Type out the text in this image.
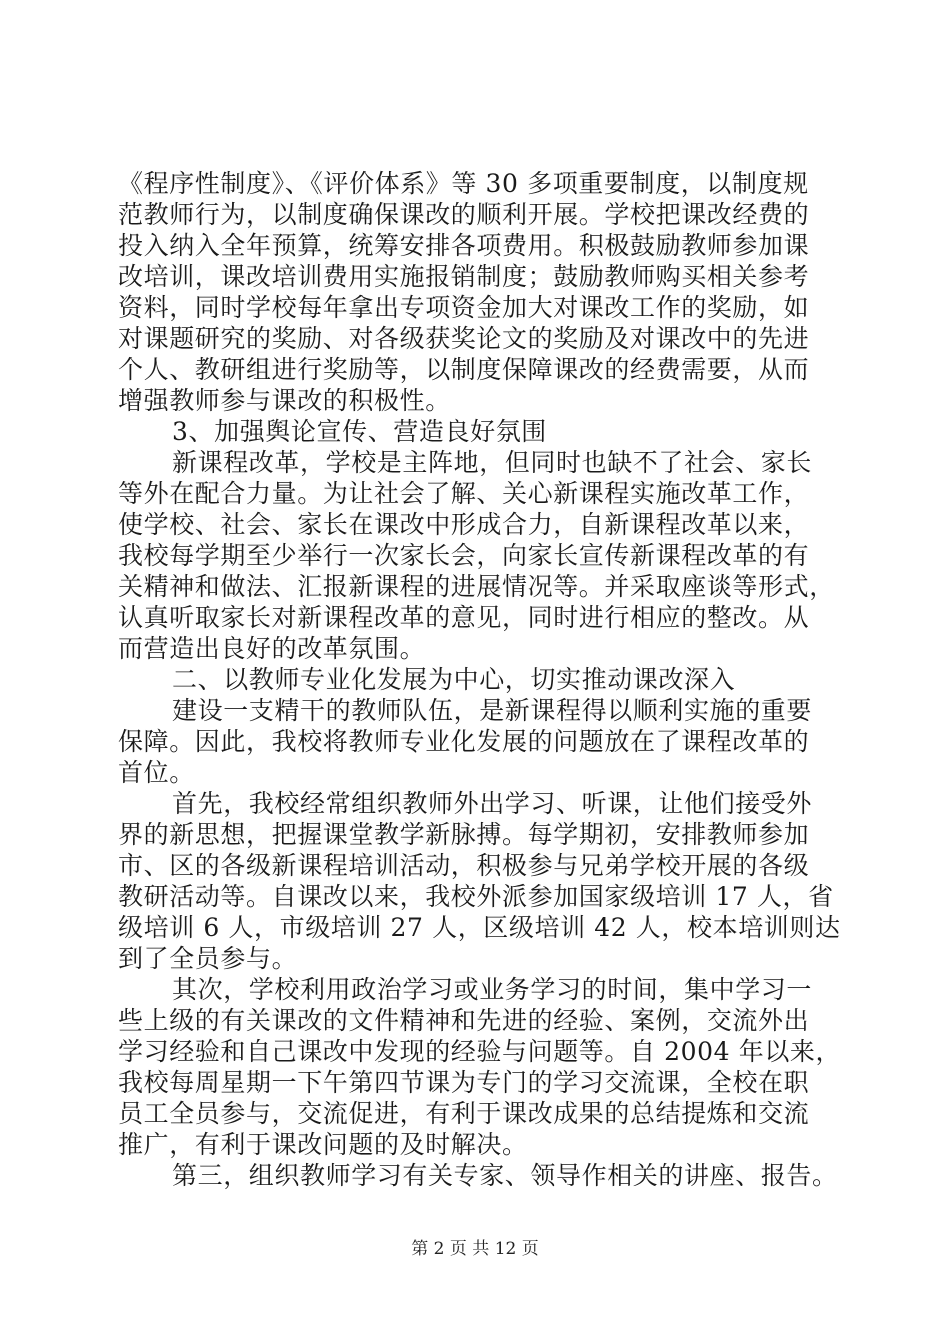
《程序性制度》、《评价体系》等 30 多项重要制度，以制度规
范教师行为，以制度确保课改的顺利开展。学校把课改经费的
投入纳入全年预算，统筹安排各项费用。积极鼓励教师参加课
改培训，课改培训费用实施报销制度；鼓励教师购买相关参考
资料，同时学校每年拿出专项资金加大对课改工作的奖励，如
对课题研究的奖励、对各级获奖论文的奖励及对课改中的先进
个人、教研组进行奖励等，以制度保障课改的经费需要，从而
增强教师参与课改的积极性。
3、加强舆论宣传、营造良好氛围
新课程改革，学校是主阵地，但同时也缺不了社会、家长
等外在配合力量。为让社会了解、关心新课程实施改革工作，
使学校、社会、家长在课改中形成合力，自新课程改革以来，
我校每学期至少举行一次家长会，向家长宣传新课程改革的有
关精神和做法、汇报新课程的进展情况等。并采取座谈等形式，
认真听取家长对新课程改革的意见，同时进行相应的整改。从
而营造出良好的改革氛围。
二、以教师专业化发展为中心，切实推动课改深入
建设一支精干的教师队伍，是新课程得以顺利实施的重要
保障。因此，我校将教师专业化发展的问题放在了课程改革的
首位。
首先，我校经常组织教师外出学习、听课，让他们接受外
界的新思想，把握课堂教学新脉搏。每学期初，安排教师参加
市、区的各级新课程培训活动，积极参与兄弟学校开展的各级
教研活动等。自课改以来，我校外派参加国家级培训 17 人，省
级培训 6 人，市级培训 27 人，区级培训 42 人，校本培训则达
到了全员参与。
其次，学校利用政治学习或业务学习的时间，集中学习一
些上级的有关课改的文件精神和先进的经验、案例，交流外出
学习经验和自己课改中发现的经验与问题等。自 2004 年以来，
我校每周星期一下午第四节课为专门的学习交流课，全校在职
员工全员参与，交流促进，有利于课改成果的总结提炼和交流
推广，有利于课改问题的及时解决。
第三，组织教师学习有关专家、领导作相关的讲座、报告。
第 2 页 共 12 页
